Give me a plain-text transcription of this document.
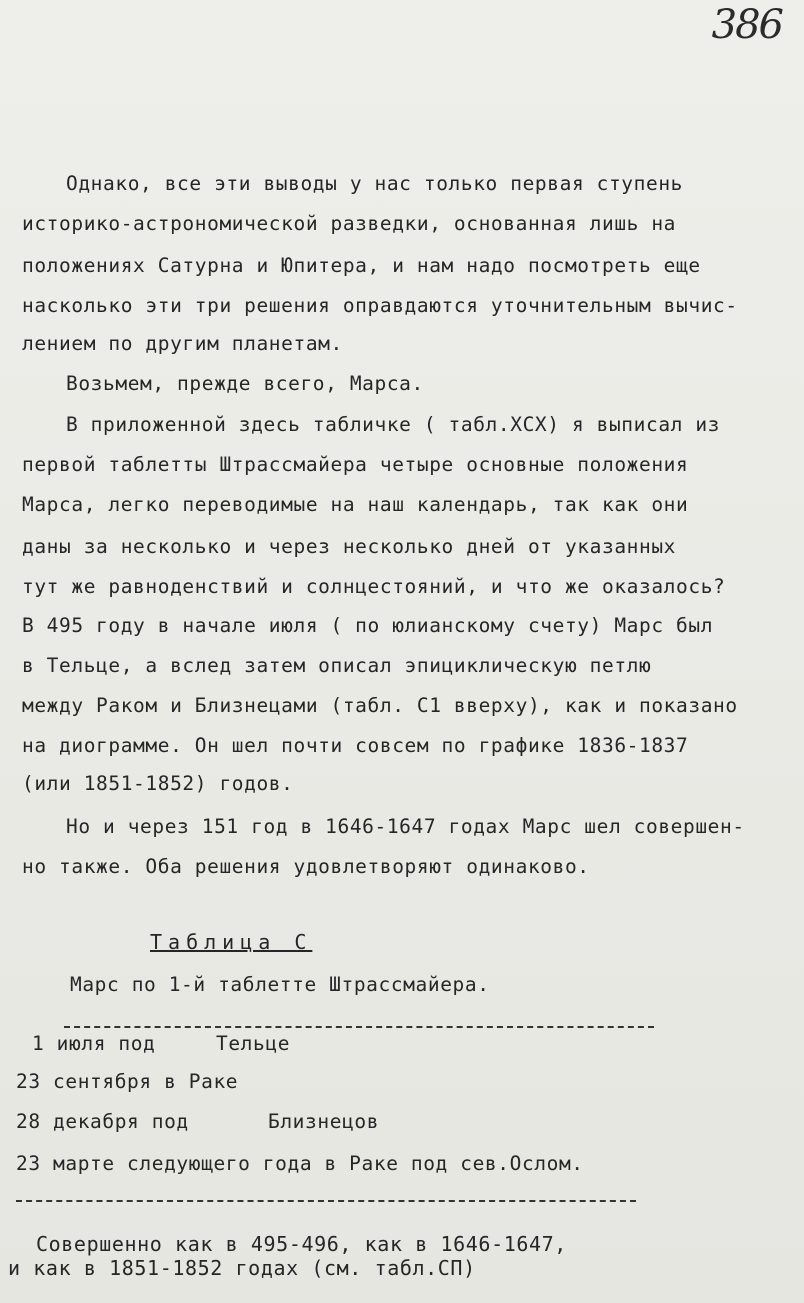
386
Однако, все эти выводы у нас только первая ступень
историко-астрономической разведки, основанная лишь на
положениях Сатурна и Юпитера, и нам надо посмотреть еще
насколько эти три решения оправдаются уточнительным вычис-
лением по другим планетам.
Возьмем, прежде всего, Марса.
В приложенной здесь табличке ( табл.XCX) я выписал из
первой таблетты Штрассмайера четыре основные положения
Марса, легко переводимые на наш календарь, так как они
даны за несколько и через несколько дней от указанных
тут же равноденствий и солнцестояний, и что же оказалось?
В 495 году в начале июля ( по юлианскому счету) Марс был
в Тельце, а вслед затем описал эпициклическую петлю
между Раком и Близнецами (табл. C1 вверху), как и показано
на диограмме. Он шел почти совсем по графике 1836-1837
(или 1851-1852) годов.
Но и через 151 год в 1646-1647 годах Марс шел совершен-
но также. Оба решения удовлетворяют одинаково.
Таблица C
Марс по 1-й таблетте Штрассмайера.
1 июля под	Тельце
23 сентября в Раке
28 декабря под	Близнецов
23 марте следующего года в Раке под сев.Ослом.
Совершенно как в 495-496, как в 1646-1647,
и как в 1851-1852 годах (см. табл.СП)
